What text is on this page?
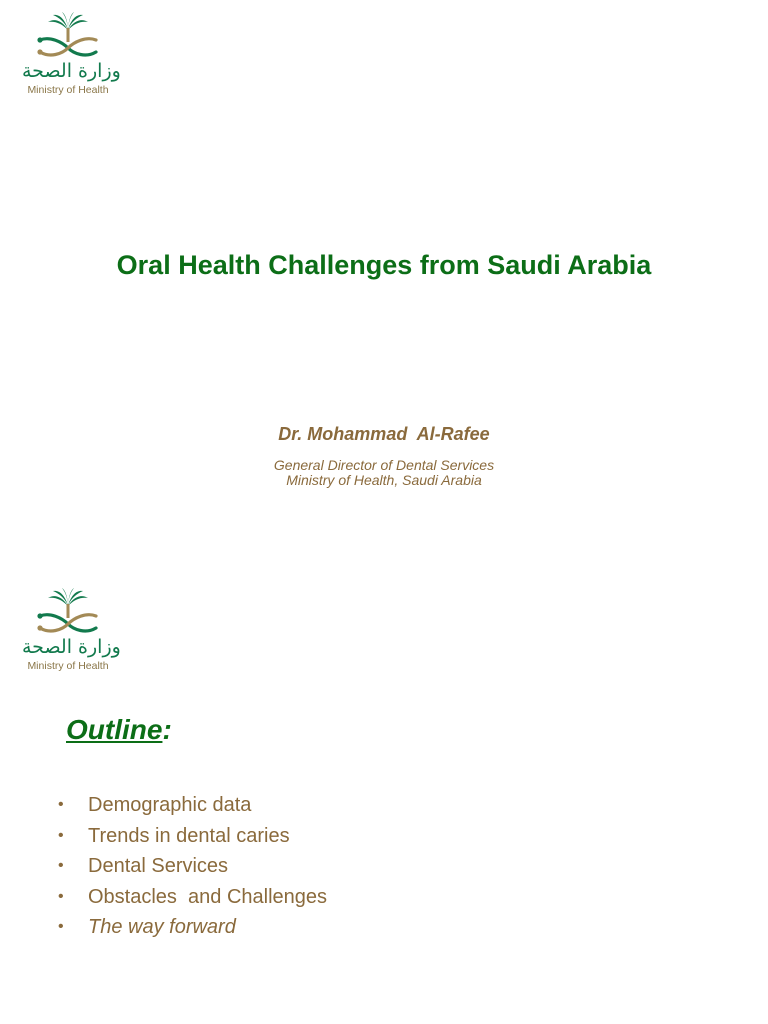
وزارة الصحة
Ministry of Health
Oral Health Challenges from Saudi Arabia
Dr. Mohammad  Al-Rafee
General Director of Dental Services
Ministry of Health, Saudi Arabia
وزارة الصحة
Ministry of Health
Outline:
• Demographic data
• Trends in dental caries
• Dental Services
• Obstacles  and Challenges
• The way forward
